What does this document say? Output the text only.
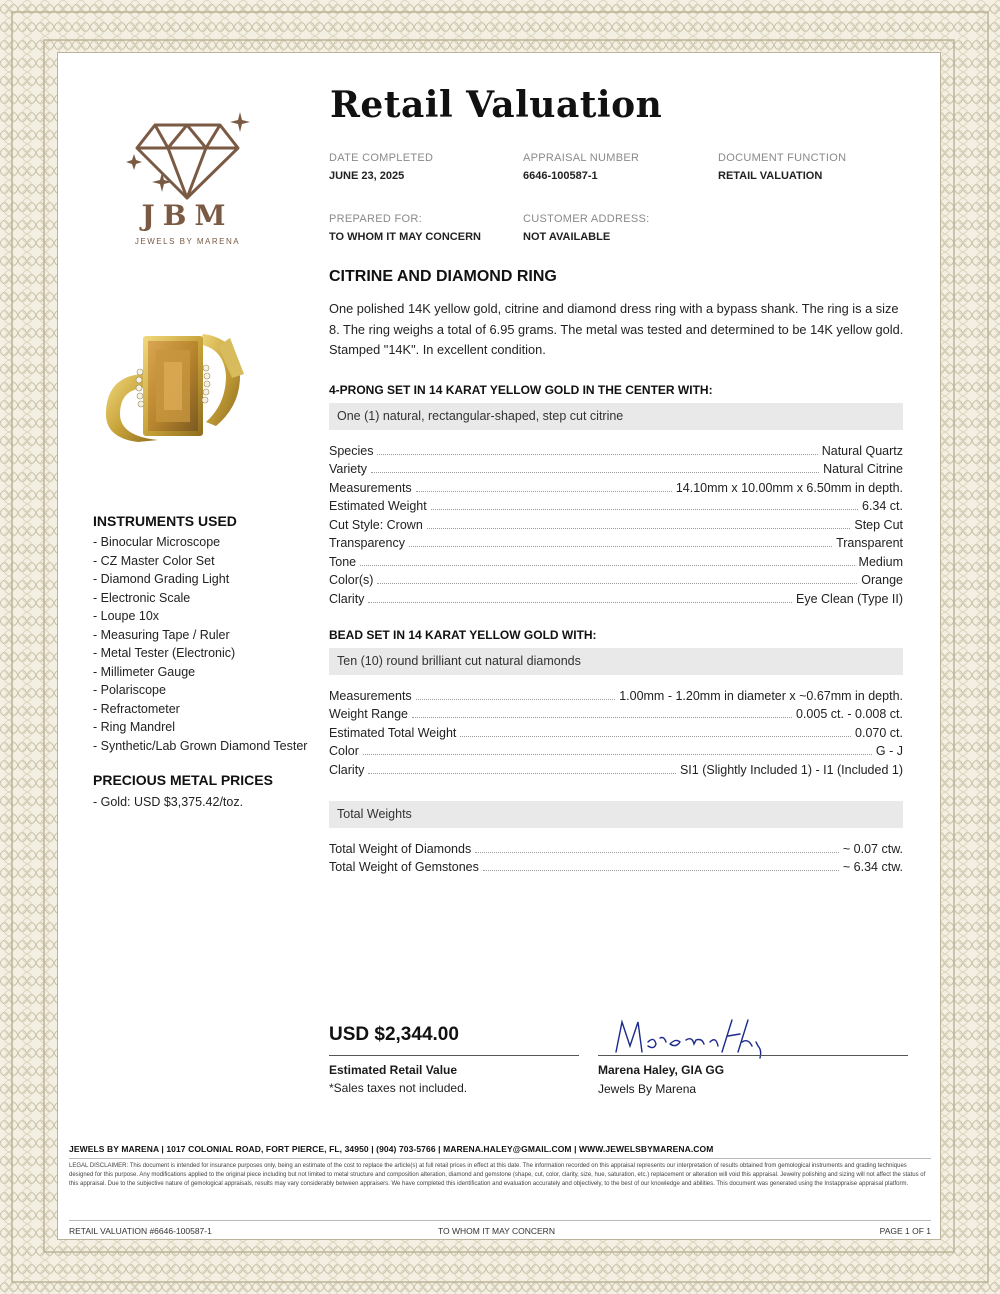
JBM
JEWELS BY MARENA
Retail Valuation
DATE COMPLETED
JUNE 23, 2025
APPRAISAL NUMBER
6646-100587-1
DOCUMENT FUNCTION
RETAIL VALUATION
PREPARED FOR:
TO WHOM IT MAY CONCERN
CUSTOMER ADDRESS:
NOT AVAILABLE
CITRINE AND DIAMOND RING

One polished 14K yellow gold, citrine and diamond dress ring with a bypass shank. The ring is a size 8. The ring weighs a total of 6.95 grams. The metal was tested and determined to be 14K yellow gold. Stamped "14K". In excellent condition.

4-PRONG SET IN 14 KARAT YELLOW GOLD IN THE CENTER WITH:
One (1) natural, rectangular-shaped, step cut citrine
Species	Natural Quartz
Variety	Natural Citrine
Measurements	14.10mm x 10.00mm x 6.50mm in depth.
Estimated Weight	6.34 ct.
Cut Style: Crown	Step Cut
Transparency	Transparent
Tone	Medium
Color(s)	Orange
Clarity	Eye Clean (Type II)
BEAD SET IN 14 KARAT YELLOW GOLD WITH:
Ten (10) round brilliant cut natural diamonds
Measurements	1.00mm - 1.20mm in diameter x ~0.67mm in depth.
Weight Range	0.005 ct. - 0.008 ct.
Estimated Total Weight	0.070 ct.
Color	G - J
Clarity	SI1 (Slightly Included 1) - I1 (Included 1)
Total Weights
Total Weight of Diamonds	~ 0.07 ctw.
Total Weight of Gemstones	~ 6.34 ctw.
INSTRUMENTS USED
- Binocular Microscope
- CZ Master Color Set
- Diamond Grading Light
- Electronic Scale
- Loupe 10x
- Measuring Tape / Ruler
- Metal Tester (Electronic)
- Millimeter Gauge
- Polariscope
- Refractometer
- Ring Mandrel
- Synthetic/Lab Grown Diamond Tester
PRECIOUS METAL PRICES
- Gold: USD $3,375.42/toz.
USD $2,344.00
Estimated Retail Value
*Sales taxes not included.
Marena Haley, GIA GG
Jewels By Marena
JEWELS BY MARENA | 1017 COLONIAL ROAD, FORT PIERCE, FL, 34950 | (904) 703-5766 | MARENA.HALEY@GMAIL.COM | WWW.JEWELSBYMARENA.COM

LEGAL DISCLAIMER: This document is intended for insurance purposes only, being an estimate of the cost to replace the article(s) at full retail prices in effect at this date. The information recorded on this appraisal represents our interpretation of results obtained from gemological instruments and grading techniques designed for this purpose. Any modifications applied to the original piece including but not limited to metal structure and composition alteration, diamond and gemstone (shape, cut, color, clarity, size, hue, saturation, etc.) replacement or alteration will void this appraisal. Jewelry polishing and sizing will not affect the status of this appraisal. Due to the subjective nature of gemological appraisals, results may vary considerably between appraisers. We have completed this identification and evaluation accurately and objectively, to the best of our knowledge and abilities. This document was generated using the Instappraise appraisal platform.

RETAIL VALUATION #6646-100587-1	TO WHOM IT MAY CONCERN	PAGE 1 OF 1
